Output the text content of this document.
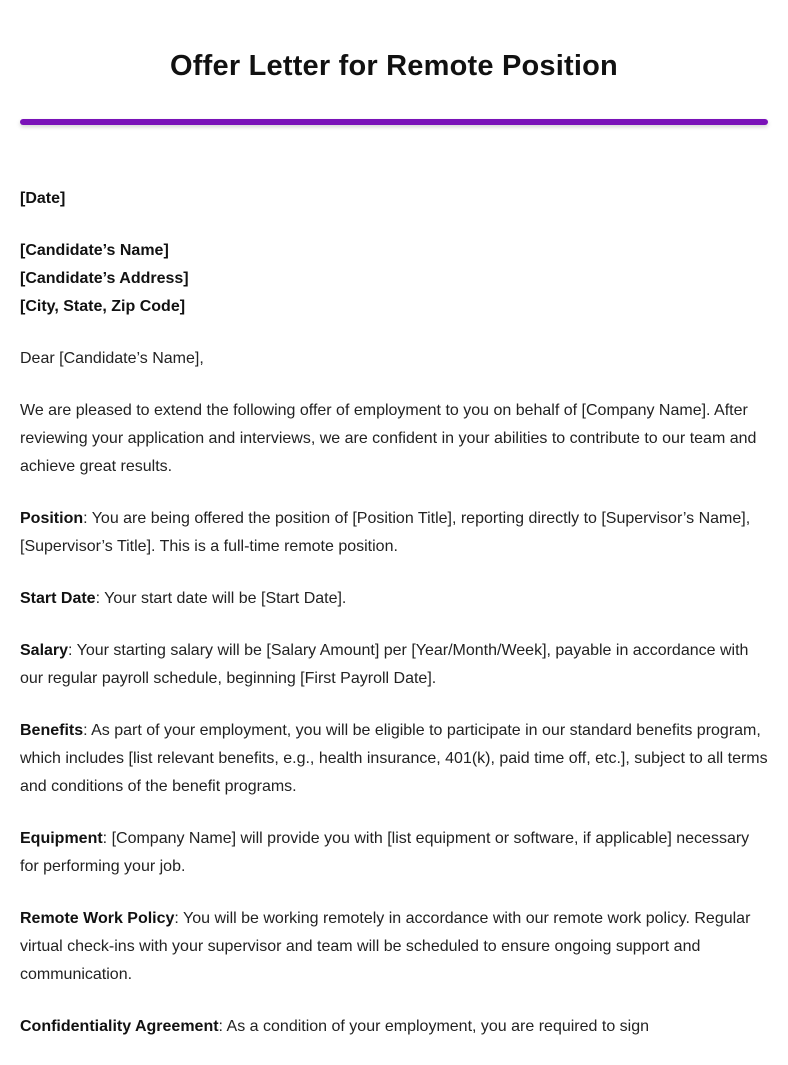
Offer Letter for Remote Position

[Date]

[Candidate’s Name]

[Candidate’s Address]

[City, State, Zip Code]

Dear [Candidate’s Name],

We are pleased to extend the following offer of employment to you on behalf of [Company Name]. After reviewing your application and interviews, we are confident in your abilities to contribute to our team and achieve great results.

Position: You are being offered the position of [Position Title], reporting directly to [Supervisor’s Name], [Supervisor’s Title]. This is a full-time remote position.

Start Date: Your start date will be [Start Date].

Salary: Your starting salary will be [Salary Amount] per [Year/Month/Week], payable in accordance with our regular payroll schedule, beginning [First Payroll Date].

Benefits: As part of your employment, you will be eligible to participate in our standard benefits program, which includes [list relevant benefits, e.g., health insurance, 401(k), paid time off, etc.], subject to all terms and conditions of the benefit programs.

Equipment: [Company Name] will provide you with [list equipment or software, if applicable] necessary for performing your job.

Remote Work Policy: You will be working remotely in accordance with our remote work policy. Regular virtual check-ins with your supervisor and team will be scheduled to ensure ongoing support and communication.

Confidentiality Agreement: As a condition of your employment, you are required to sign
